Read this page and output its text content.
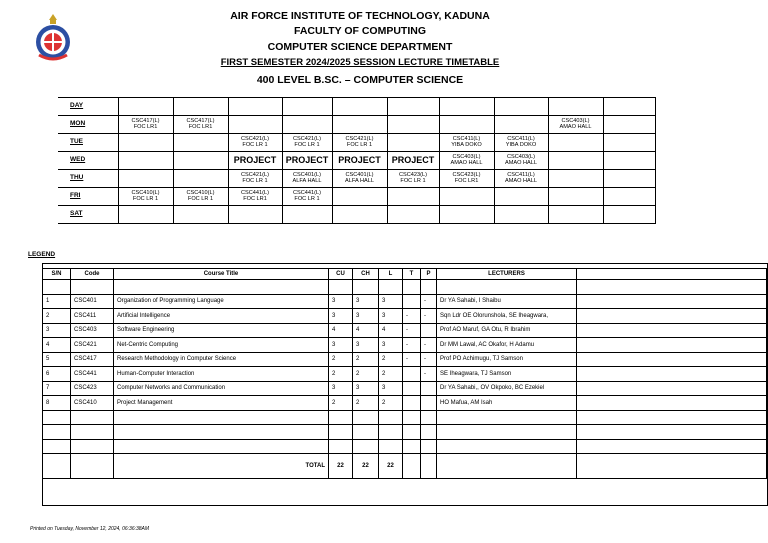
AIR FORCE INSTITUTE OF TECHNOLOGY, KADUNA
FACULTY OF COMPUTING
COMPUTER SCIENCE DEPARTMENT
FIRST SEMESTER 2024/2025 SESSION LECTURE TIMETABLE
400 LEVEL B.SC. – COMPUTER SCIENCE
DAY										
MON	CSC417(L)
FOC LR1	CSC417(L)
FOC LR1							CSC403(L)
AMAO HALL	
TUE			CSC421(L)
FOC LR 1	CSC421(L)
FOC LR 1	CSC421(L)
FOC LR 1		CSC411(L)
YIBA DOKO	CSC411(L)
YIBA DOKO		
WED			PROJECT	PROJECT	PROJECT	PROJECT	CSC403(L)
AMAO HALL	CSC403(L)
AMAO HALL		
THU			CSC421(L)
FOC LR 1	CSC401(L)
ALFA HALL	CSC401(L)
ALFA HALL	CSC423(L)
FOC LR 1	CSC423(L)
FOC LR1	CSC411(L)
AMAO HALL		
FRI	CSC410(L)
FOC LR 1	CSC410(L)
FOC LR 1	CSC441(L)
FOC LR1	CSC441(L)
FOC LR 1						
SAT										
LEGEND
S/N	Code	Course Title	CU	CH	L	T	P	LECTURERS	

1	CSC401	Organization of Programming Language	3	3	3		-	Dr YA Sahabi, I Shaibu	
2	CSC411	Artificial Intelligence	3	3	3	-	-	Sqn Ldr OE Olorunshola, SE Iheagwara,	
3	CSC403	Software Engineering	4	4	4	-		Prof AO Maruf, GA Otu, R Ibrahim	
4	CSC421	Net-Centric Computing	3	3	3	-	-	Dr MM Lawal, AC Okafor, H Adamu	
5	CSC417	Research Methodology in Computer Science	2	2	2	-	-	Prof PO Achimugu, TJ Samson	
6	CSC441	Human-Computer Interaction	2	2	2		-	SE Iheagwara, TJ Samson	
7	CSC423	Computer Networks and Communication	3	3	3			Dr YA Sahabi,, OV Okpoko, BC Ezekiel	
8	CSC410	Project Management	2	2	2			HO Mafua, AM Isah	

		TOTAL	22	22	22				
Printed on Tuesday, November 12, 2024, 06:36:38AM
